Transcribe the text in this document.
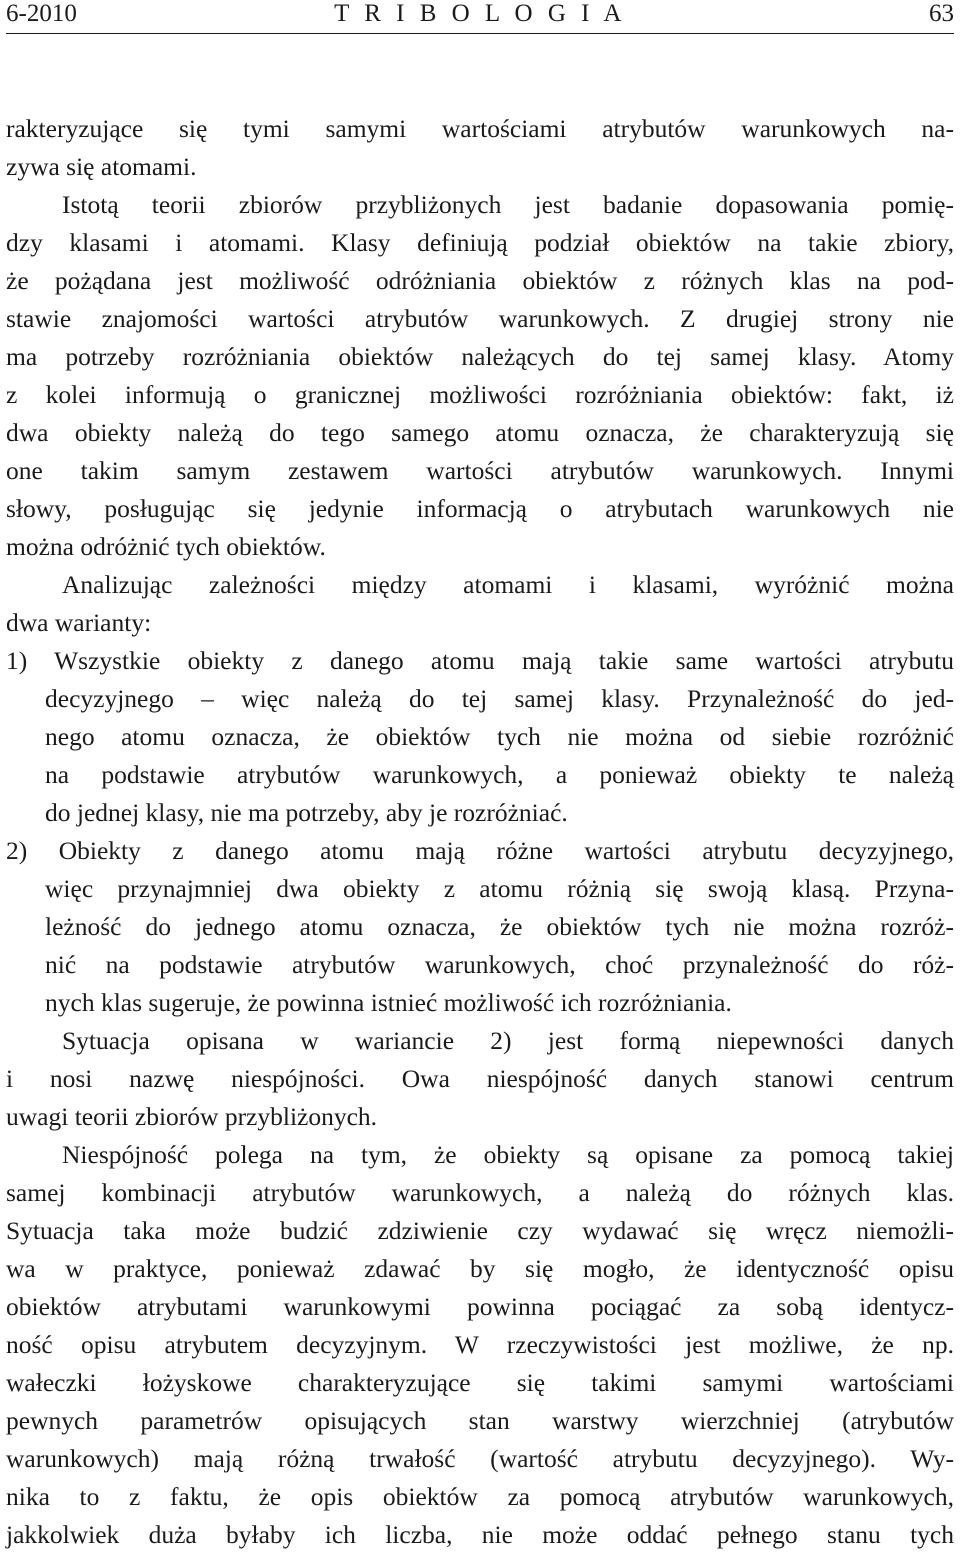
6-2010	T R I B O L O G I A	63
rakteryzujące się tymi samymi wartościami atrybutów warunkowych na-
zywa się atomami.
Istotą teorii zbiorów przybliżonych jest badanie dopasowania pomię-
dzy klasami i atomami. Klasy definiują podział obiektów na takie zbiory,
że pożądana jest możliwość odróżniania obiektów z różnych klas na pod-
stawie znajomości wartości atrybutów warunkowych. Z drugiej strony nie
ma potrzeby rozróżniania obiektów należących do tej samej klasy. Atomy
z kolei informują o granicznej możliwości rozróżniania obiektów: fakt, iż
dwa obiekty należą do tego samego atomu oznacza, że charakteryzują się
one takim samym zestawem wartości atrybutów warunkowych. Innymi
słowy, posługując się jedynie informacją o atrybutach warunkowych nie
można odróżnić tych obiektów.
Analizując zależności między atomami i klasami, wyróżnić można
dwa warianty:
1) Wszystkie obiekty z danego atomu mają takie same wartości atrybutu
decyzyjnego – więc należą do tej samej klasy. Przynależność do jed-
nego atomu oznacza, że obiektów tych nie można od siebie rozróżnić
na podstawie atrybutów warunkowych, a ponieważ obiekty te należą
do jednej klasy, nie ma potrzeby, aby je rozróżniać.
2) Obiekty z danego atomu mają różne wartości atrybutu decyzyjnego,
więc przynajmniej dwa obiekty z atomu różnią się swoją klasą. Przyna-
leżność do jednego atomu oznacza, że obiektów tych nie można rozróż-
nić na podstawie atrybutów warunkowych, choć przynależność do róż-
nych klas sugeruje, że powinna istnieć możliwość ich rozróżniania.
Sytuacja opisana w wariancie 2) jest formą niepewności danych
i nosi nazwę niespójności. Owa niespójność danych stanowi centrum
uwagi teorii zbiorów przybliżonych.
Niespójność polega na tym, że obiekty są opisane za pomocą takiej
samej kombinacji atrybutów warunkowych, a należą do różnych klas.
Sytuacja taka może budzić zdziwienie czy wydawać się wręcz niemożli-
wa w praktyce, ponieważ zdawać by się mogło, że identyczność opisu
obiektów atrybutami warunkowymi powinna pociągać za sobą identycz-
ność opisu atrybutem decyzyjnym. W rzeczywistości jest możliwe, że np.
wałeczki łożyskowe charakteryzujące się takimi samymi wartościami
pewnych parametrów opisujących stan warstwy wierzchniej (atrybutów
warunkowych) mają różną trwałość (wartość atrybutu decyzyjnego). Wy-
nika to z faktu, że opis obiektów za pomocą atrybutów warunkowych,
jakkolwiek duża byłaby ich liczba, nie może oddać pełnego stanu tych
